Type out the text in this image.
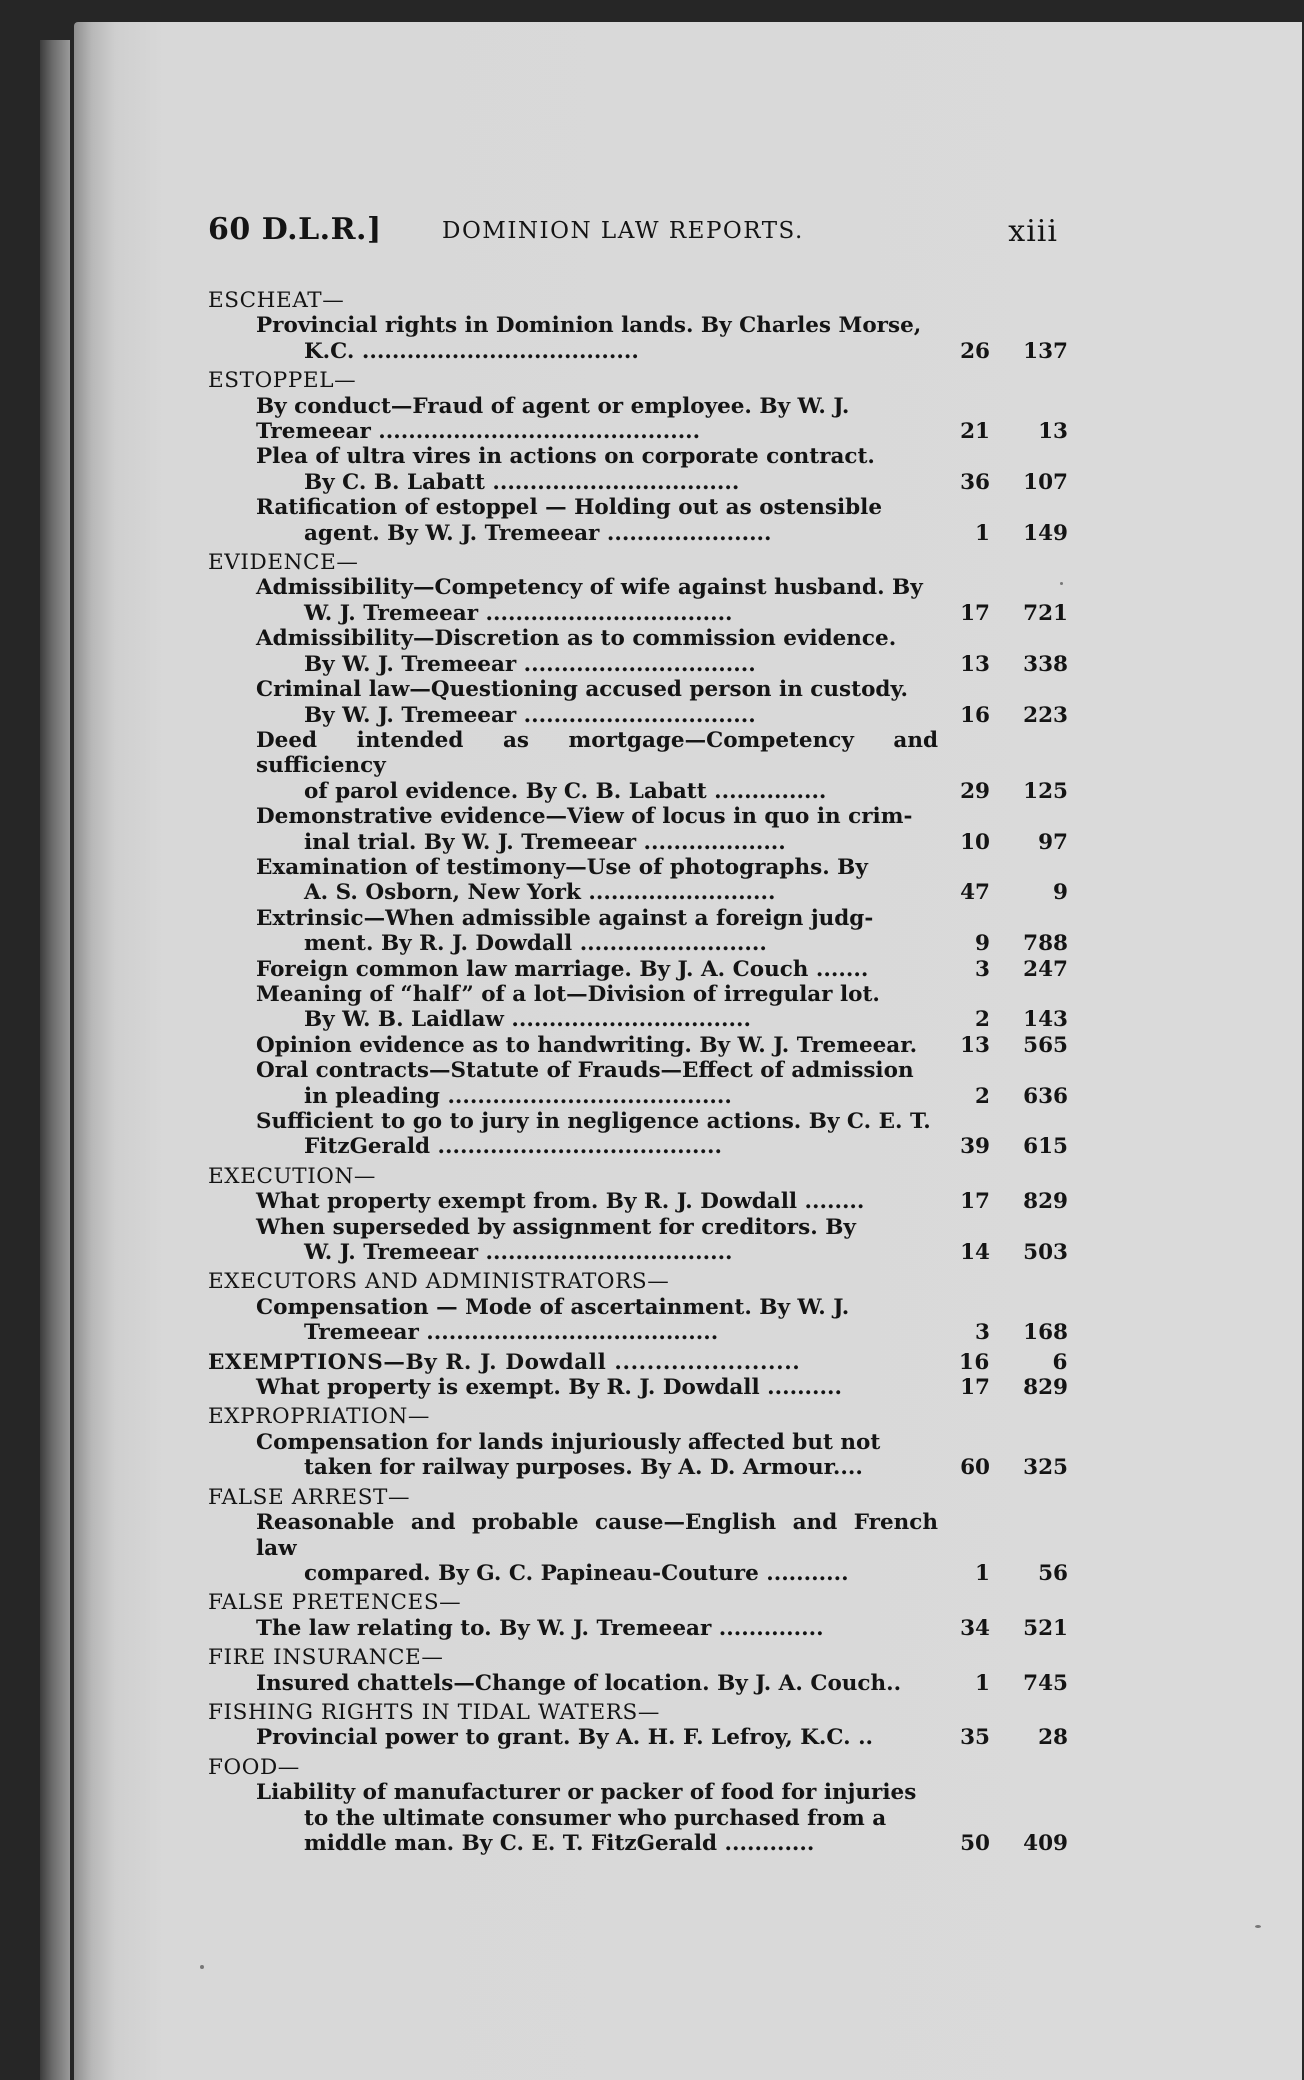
60 D.L.R.]	DOMINION LAW REPORTS.	xiii
ESCHEAT—
Provincial rights in Dominion lands. By Charles Morse,
K.C. .....................................	26 137
ESTOPPEL—
By conduct—Fraud of agent or employee. By W. J.
Tremeear ...........................................	21 13
Plea of ultra vires in actions on corporate contract.
By C. B. Labatt .................................	36 107
Ratification of estoppel — Holding out as ostensible
agent. By W. J. Tremeear ......................	1 149
EVIDENCE—
Admissibility—Competency of wife against husband. By
W. J. Tremeear .................................	17 721
Admissibility—Discretion as to commission evidence.
By W. J. Tremeear ...............................	13 338
Criminal law—Questioning accused person in custody.
By W. J. Tremeear ...............................	16 223
Deed intended as mortgage—Competency and sufficiency
of parol evidence. By C. B. Labatt ...............	29 125
Demonstrative evidence—View of locus in quo in crim-
inal trial. By W. J. Tremeear ...................	10 97
Examination of testimony—Use of photographs. By
A. S. Osborn, New York .........................	47	9
Extrinsic—When admissible against a foreign judg-
ment. By R. J. Dowdall .........................	9 788
Foreign common law marriage. By J. A. Couch .......	3 247
Meaning of “half” of a lot—Division of irregular lot.
By W. B. Laidlaw ................................	2 143
Opinion evidence as to handwriting. By W. J. Tremeear.	13 565
Oral contracts—Statute of Frauds—Effect of admission
in pleading ......................................	2 636
Sufficient to go to jury in negligence actions. By C. E. T.
FitzGerald ......................................	39 615
EXECUTION—
What property exempt from. By R. J. Dowdall ........	17 829
When superseded by assignment for creditors. By
W. J. Tremeear .................................	14 503
EXECUTORS AND ADMINISTRATORS—
Compensation — Mode of ascertainment. By W. J.
Tremeear .......................................	3 168
EXEMPTIONS—By R. J. Dowdall .......................	16	6
What property is exempt. By R. J. Dowdall ..........	17 829
EXPROPRIATION—
Compensation for lands injuriously affected but not
taken for railway purposes. By A. D. Armour....	60 325
FALSE ARREST—
Reasonable and probable cause—English and French law
compared. By G. C. Papineau-Couture ...........	1 56
FALSE PRETENCES—
The law relating to. By W. J. Tremeear ..............	34 521
FIRE INSURANCE—
Insured chattels—Change of location. By J. A. Couch..	1 745
FISHING RIGHTS IN TIDAL WATERS—
Provincial power to grant. By A. H. F. Lefroy, K.C. ..	35 28
FOOD—
Liability of manufacturer or packer of food for injuries
to the ultimate consumer who purchased from a
middle man. By C. E. T. FitzGerald ............	50 409
